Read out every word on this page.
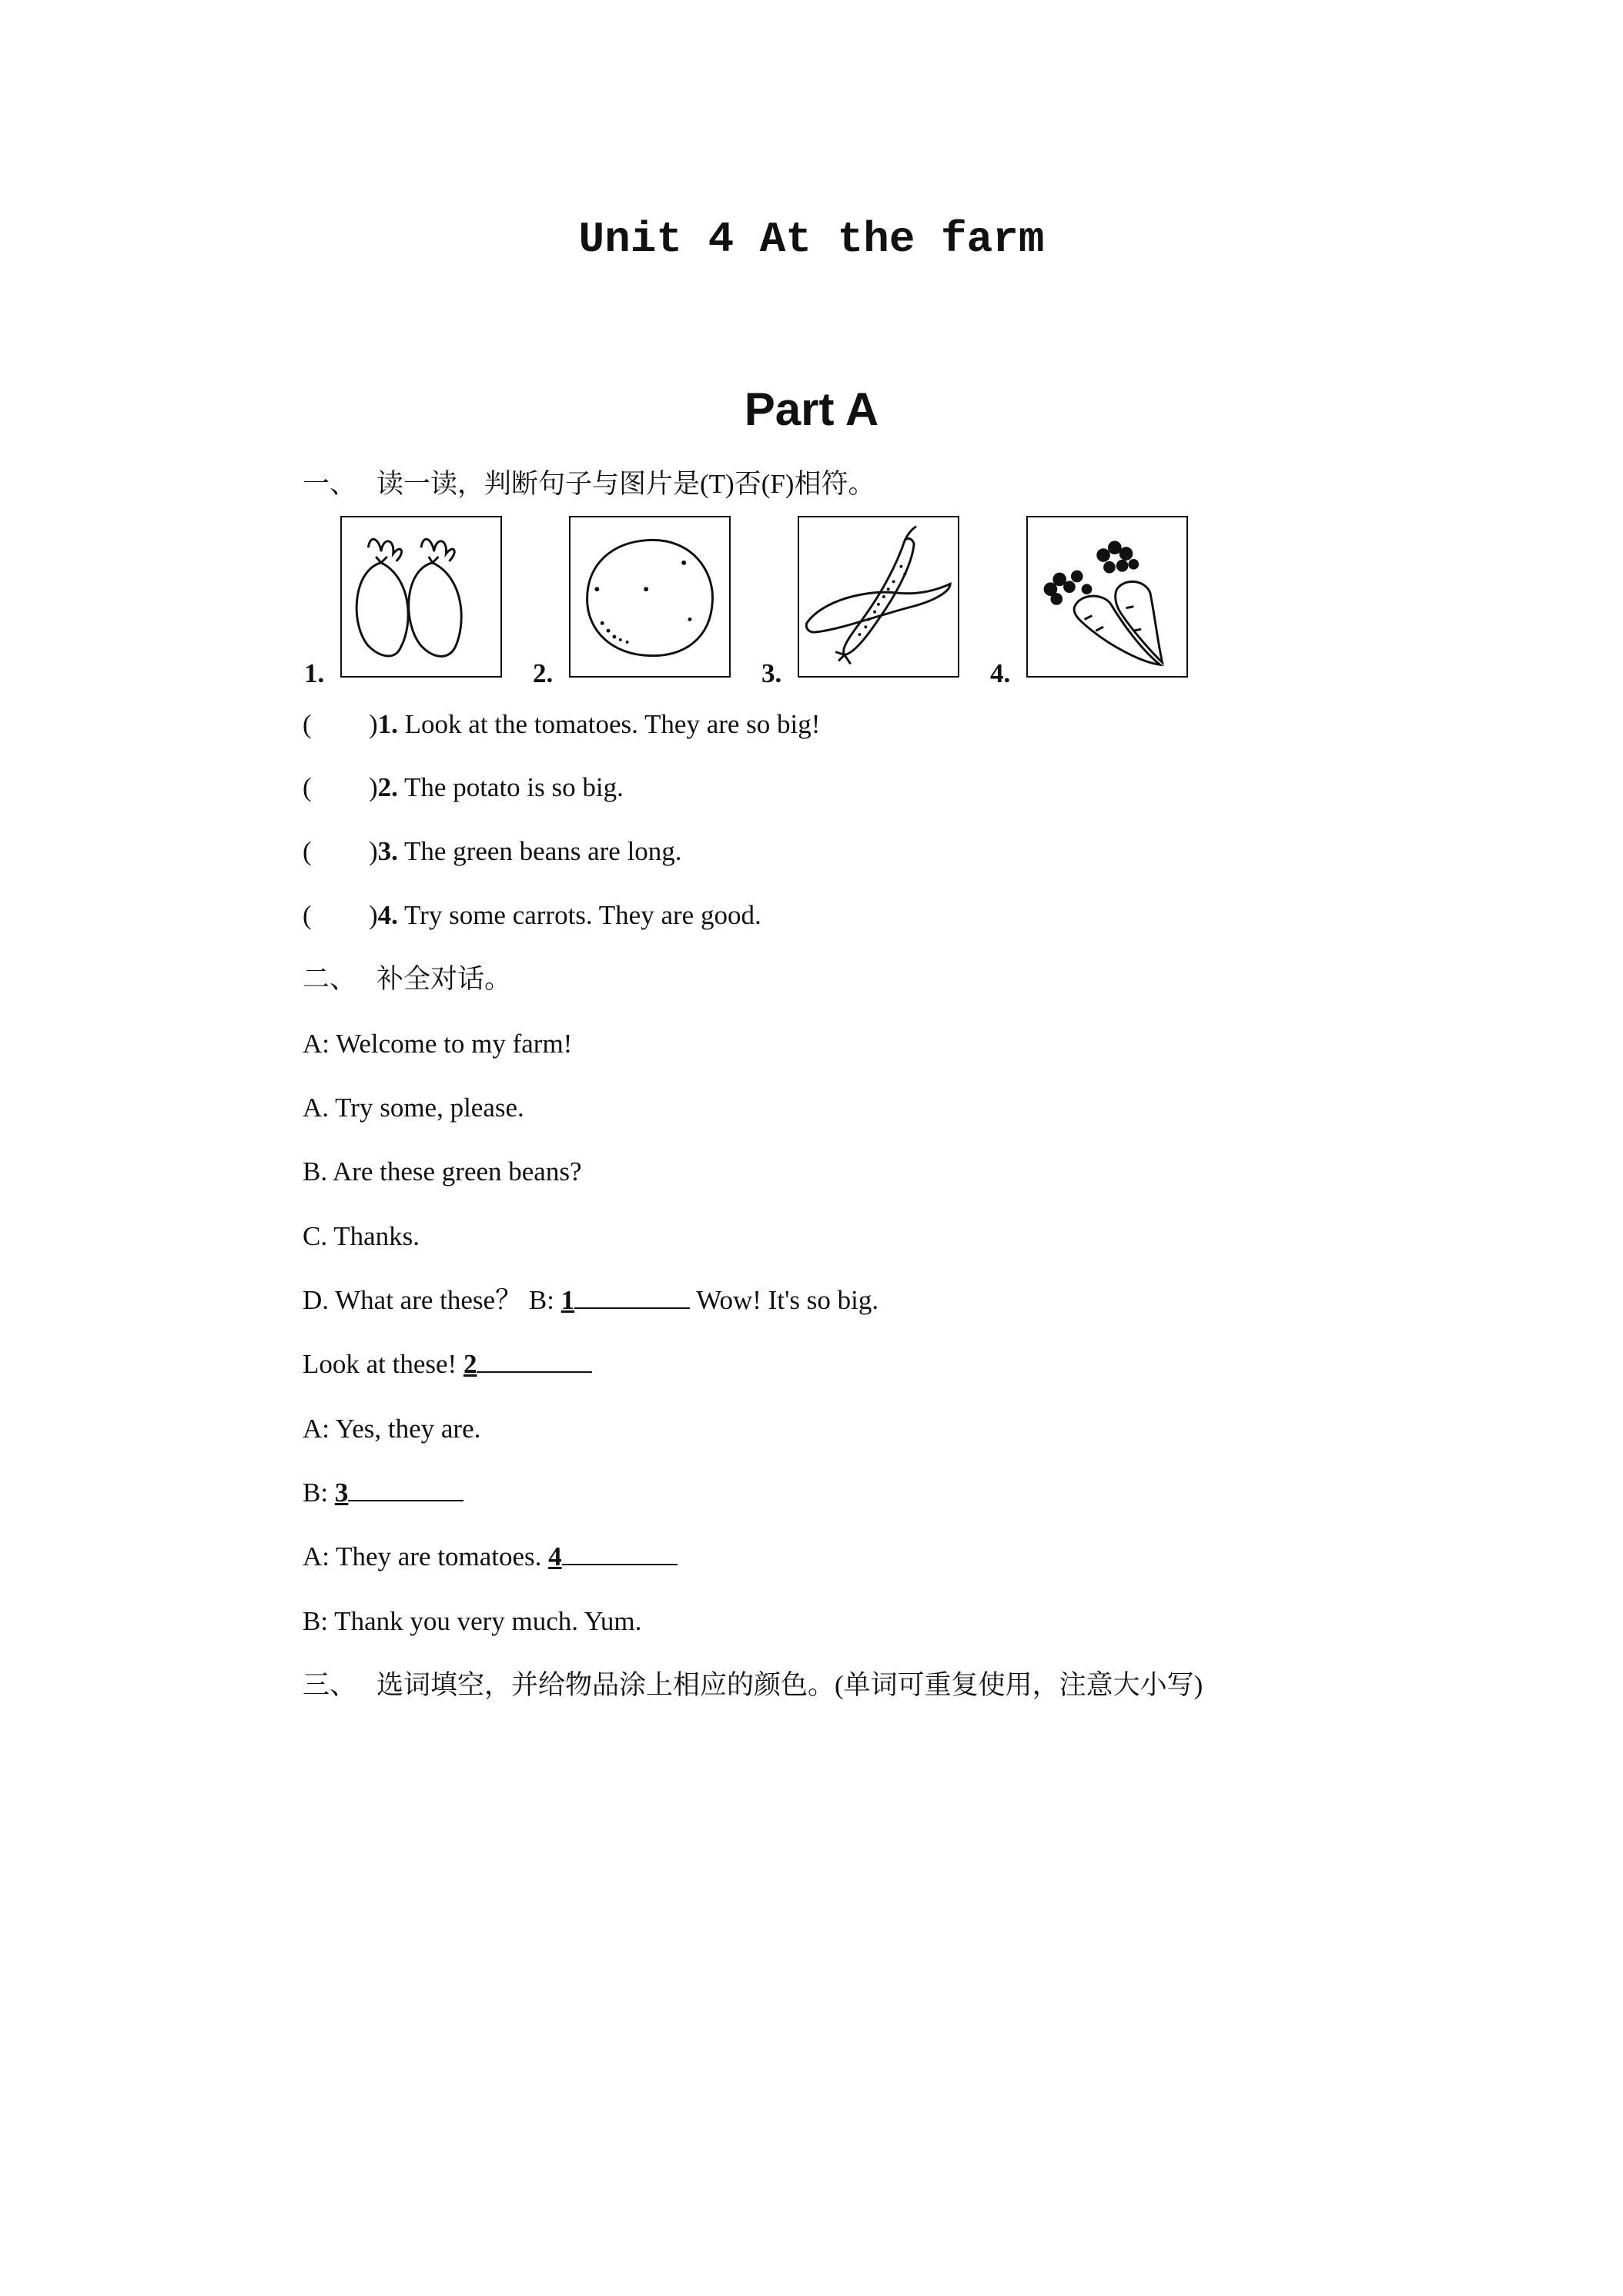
Unit 4 At the farm
Part A
一、 读一读，判断句子与图片是(T)否(F)相符。
1.	2.	3.	4.
( )1. Look at the tomatoes. They are so big!
( )2. The potato is so big.
( )3. The green beans are long.
( )4. Try some carrots. They are good.
二、 补全对话。
A: Welcome to my farm!
A. Try some, please.
B. Are these green beans?
C. Thanks.
D. What are these？ B: 1	Wow! It's so big.
Look at these! 2
A: Yes, they are.
B: 3
A: They are tomatoes. 4
B: Thank you very much. Yum.
三、 选词填空，并给物品涂上相应的颜色。(单词可重复使用，注意大小写)
